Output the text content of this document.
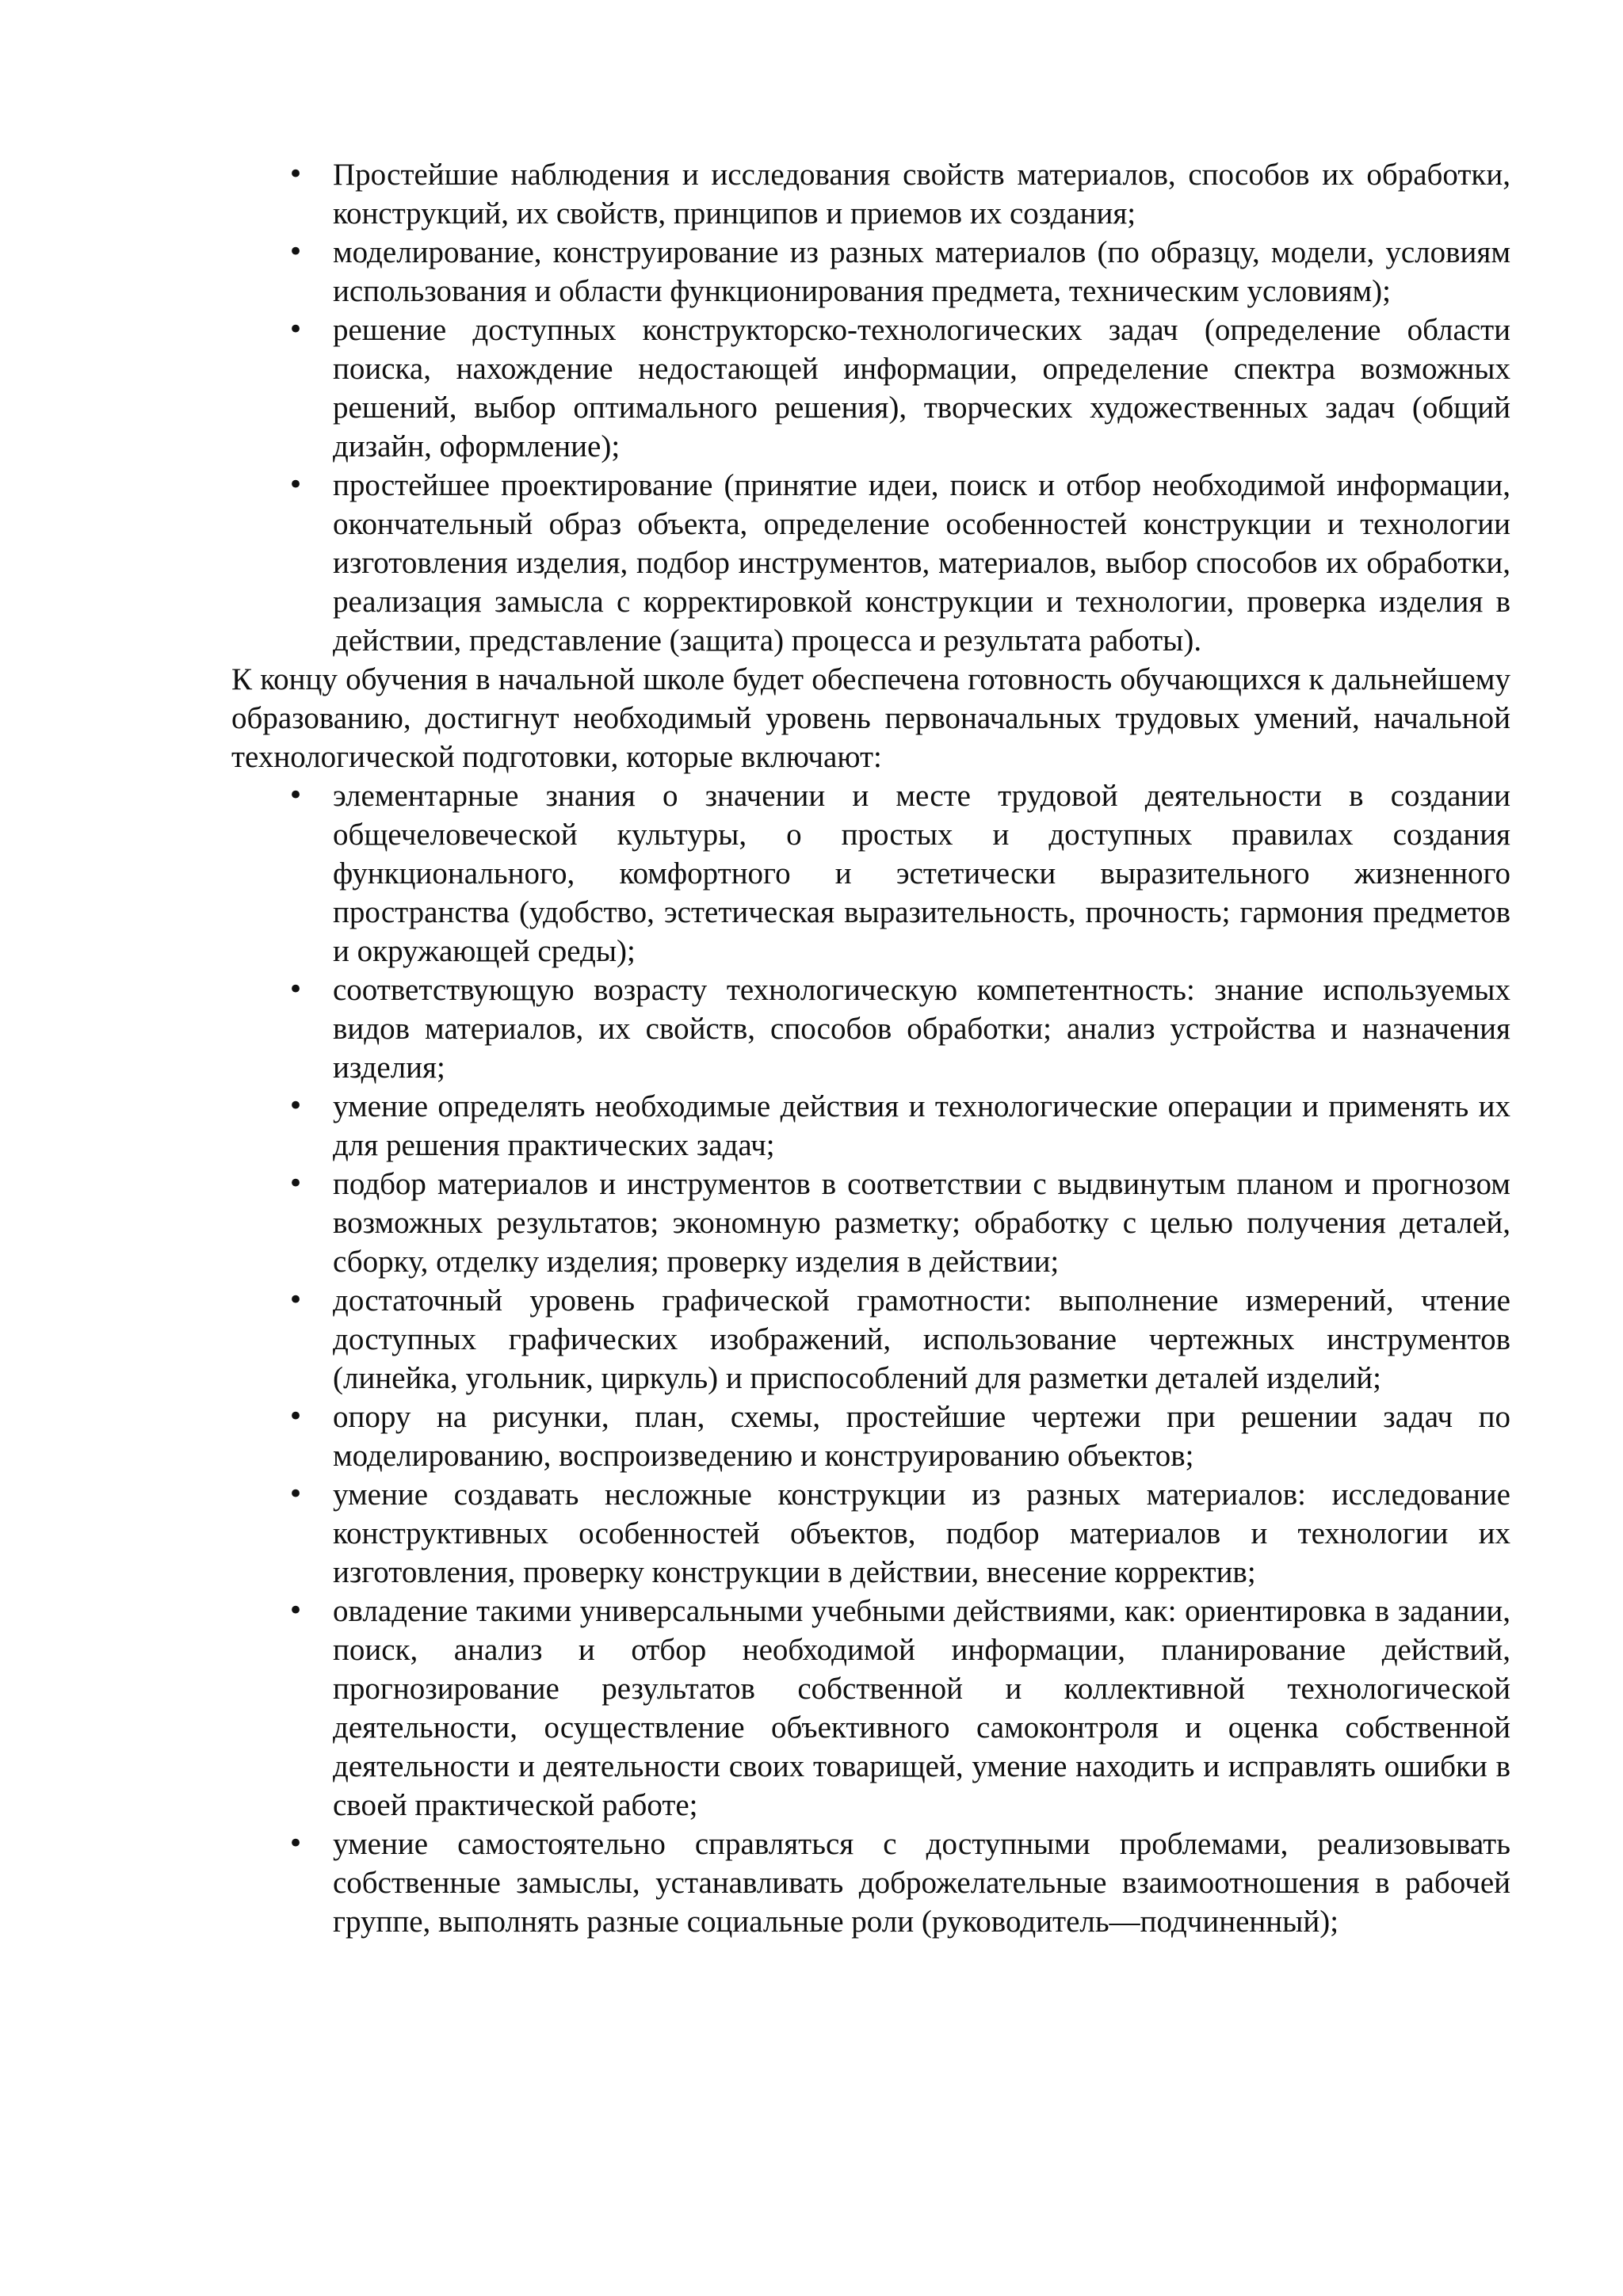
• Простейшие наблюдения и исследования свойств материалов, способов их обработки, конструкций, их свойств, принципов и приемов их создания;
• моделирование, конструирование из разных материалов (по образцу, модели, условиям использования и области функционирования предмета, техническим условиям);
• решение доступных конструкторско-технологических задач (определение области поиска, нахождение недостающей информации, определение спектра возможных решений, выбор оптимального решения), творческих художественных задач (общий дизайн, оформление);
• простейшее проектирование (принятие идеи, поиск и отбор необходимой информации, окончательный образ объекта, определение особенностей конструкции и технологии изготовления изделия, подбор инструментов, материалов, выбор способов их обработки, реализация замысла с корректировкой конструкции и технологии, проверка изделия в действии, представление (защита) процесса и результата работы).

К концу обучения в начальной школе будет обеспечена готовность обучающихся к дальнейшему образованию, достигнут необходимый уровень первоначальных трудовых умений, начальной технологической подготовки, которые включают:

• элементарные знания о значении и месте трудовой деятельности в создании общечеловеческой культуры, о простых и доступных правилах создания функционального, комфортного и эстетически выразительного жизненного пространства (удобство, эстетическая выразительность, прочность; гармония предметов и окружающей среды);
• соответствующую возрасту технологическую компетентность: знание используемых видов материалов, их свойств, способов обработки; анализ устройства и назначения изделия;
• умение определять необходимые действия и технологические операции и применять их для решения практических задач;
• подбор материалов и инструментов в соответствии с выдвинутым планом и прогнозом возможных результатов; экономную разметку; обработку с целью получения деталей, сборку, отделку изделия; проверку изделия в действии;
• достаточный уровень графической грамотности: выполнение измерений, чтение доступных графических изображений, использование чертежных инструментов (линейка, угольник, циркуль) и приспособлений для разметки деталей изделий;
• опору на рисунки, план, схемы, простейшие чертежи при решении задач по моделированию, воспроизведению и конструированию объектов;
• умение создавать несложные конструкции из разных материалов: исследование конструктивных особенностей объектов, подбор материалов и технологии их изготовления, проверку конструкции в действии, внесение корректив;
• овладение такими универсальными учебными действиями, как: ориентировка в задании, поиск, анализ и отбор необходимой информации, планирование действий, прогнозирование результатов собственной и коллективной технологической деятельности, осуществление объективного самоконтроля и оценка собственной деятельности и деятельности своих товарищей, умение находить и исправлять ошибки в своей практической работе;
• умение самостоятельно справляться с доступными проблемами, реализовывать собственные замыслы, устанавливать доброжелательные взаимоотношения в рабочей группе, выполнять разные социальные роли (руководитель—подчиненный);
